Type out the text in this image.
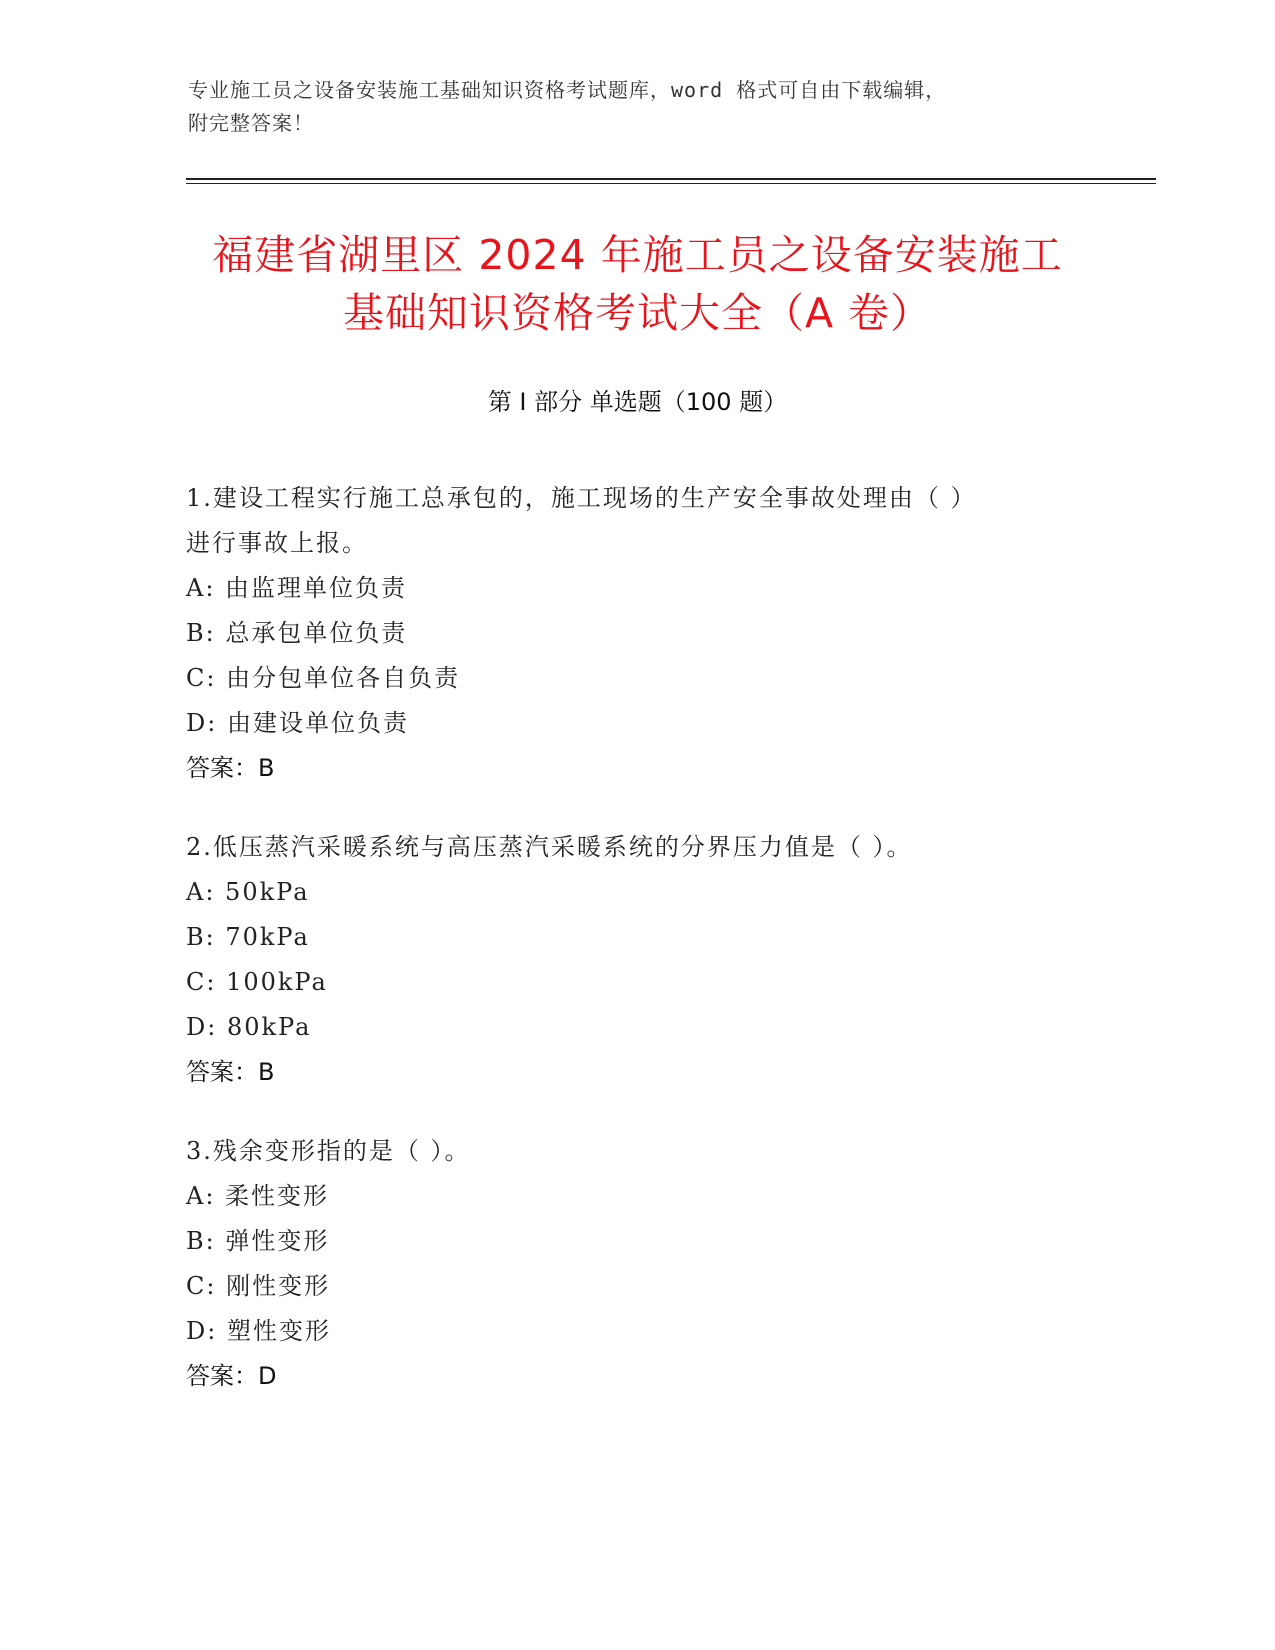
专业施工员之设备安装施工基础知识资格考试题库，word 格式可自由下载编辑，
附完整答案！
福建省湖里区 2024 年施工员之设备安装施工
基础知识资格考试大全（A 卷）
第 I 部分 单选题（100 题）

1.建设工程实行施工总承包的，施工现场的生产安全事故处理由（ ）

进行事故上报。

A: 由监理单位负责

B: 总承包单位负责

C: 由分包单位各自负责

D: 由建设单位负责

答案：B

2.低压蒸汽采暖系统与高压蒸汽采暖系统的分界压力值是（ ）。

A: 50kPa

B: 70kPa

C: 100kPa

D: 80kPa

答案：B

3.残余变形指的是（ ）。

A: 柔性变形

B: 弹性变形

C: 刚性变形

D: 塑性变形

答案：D
